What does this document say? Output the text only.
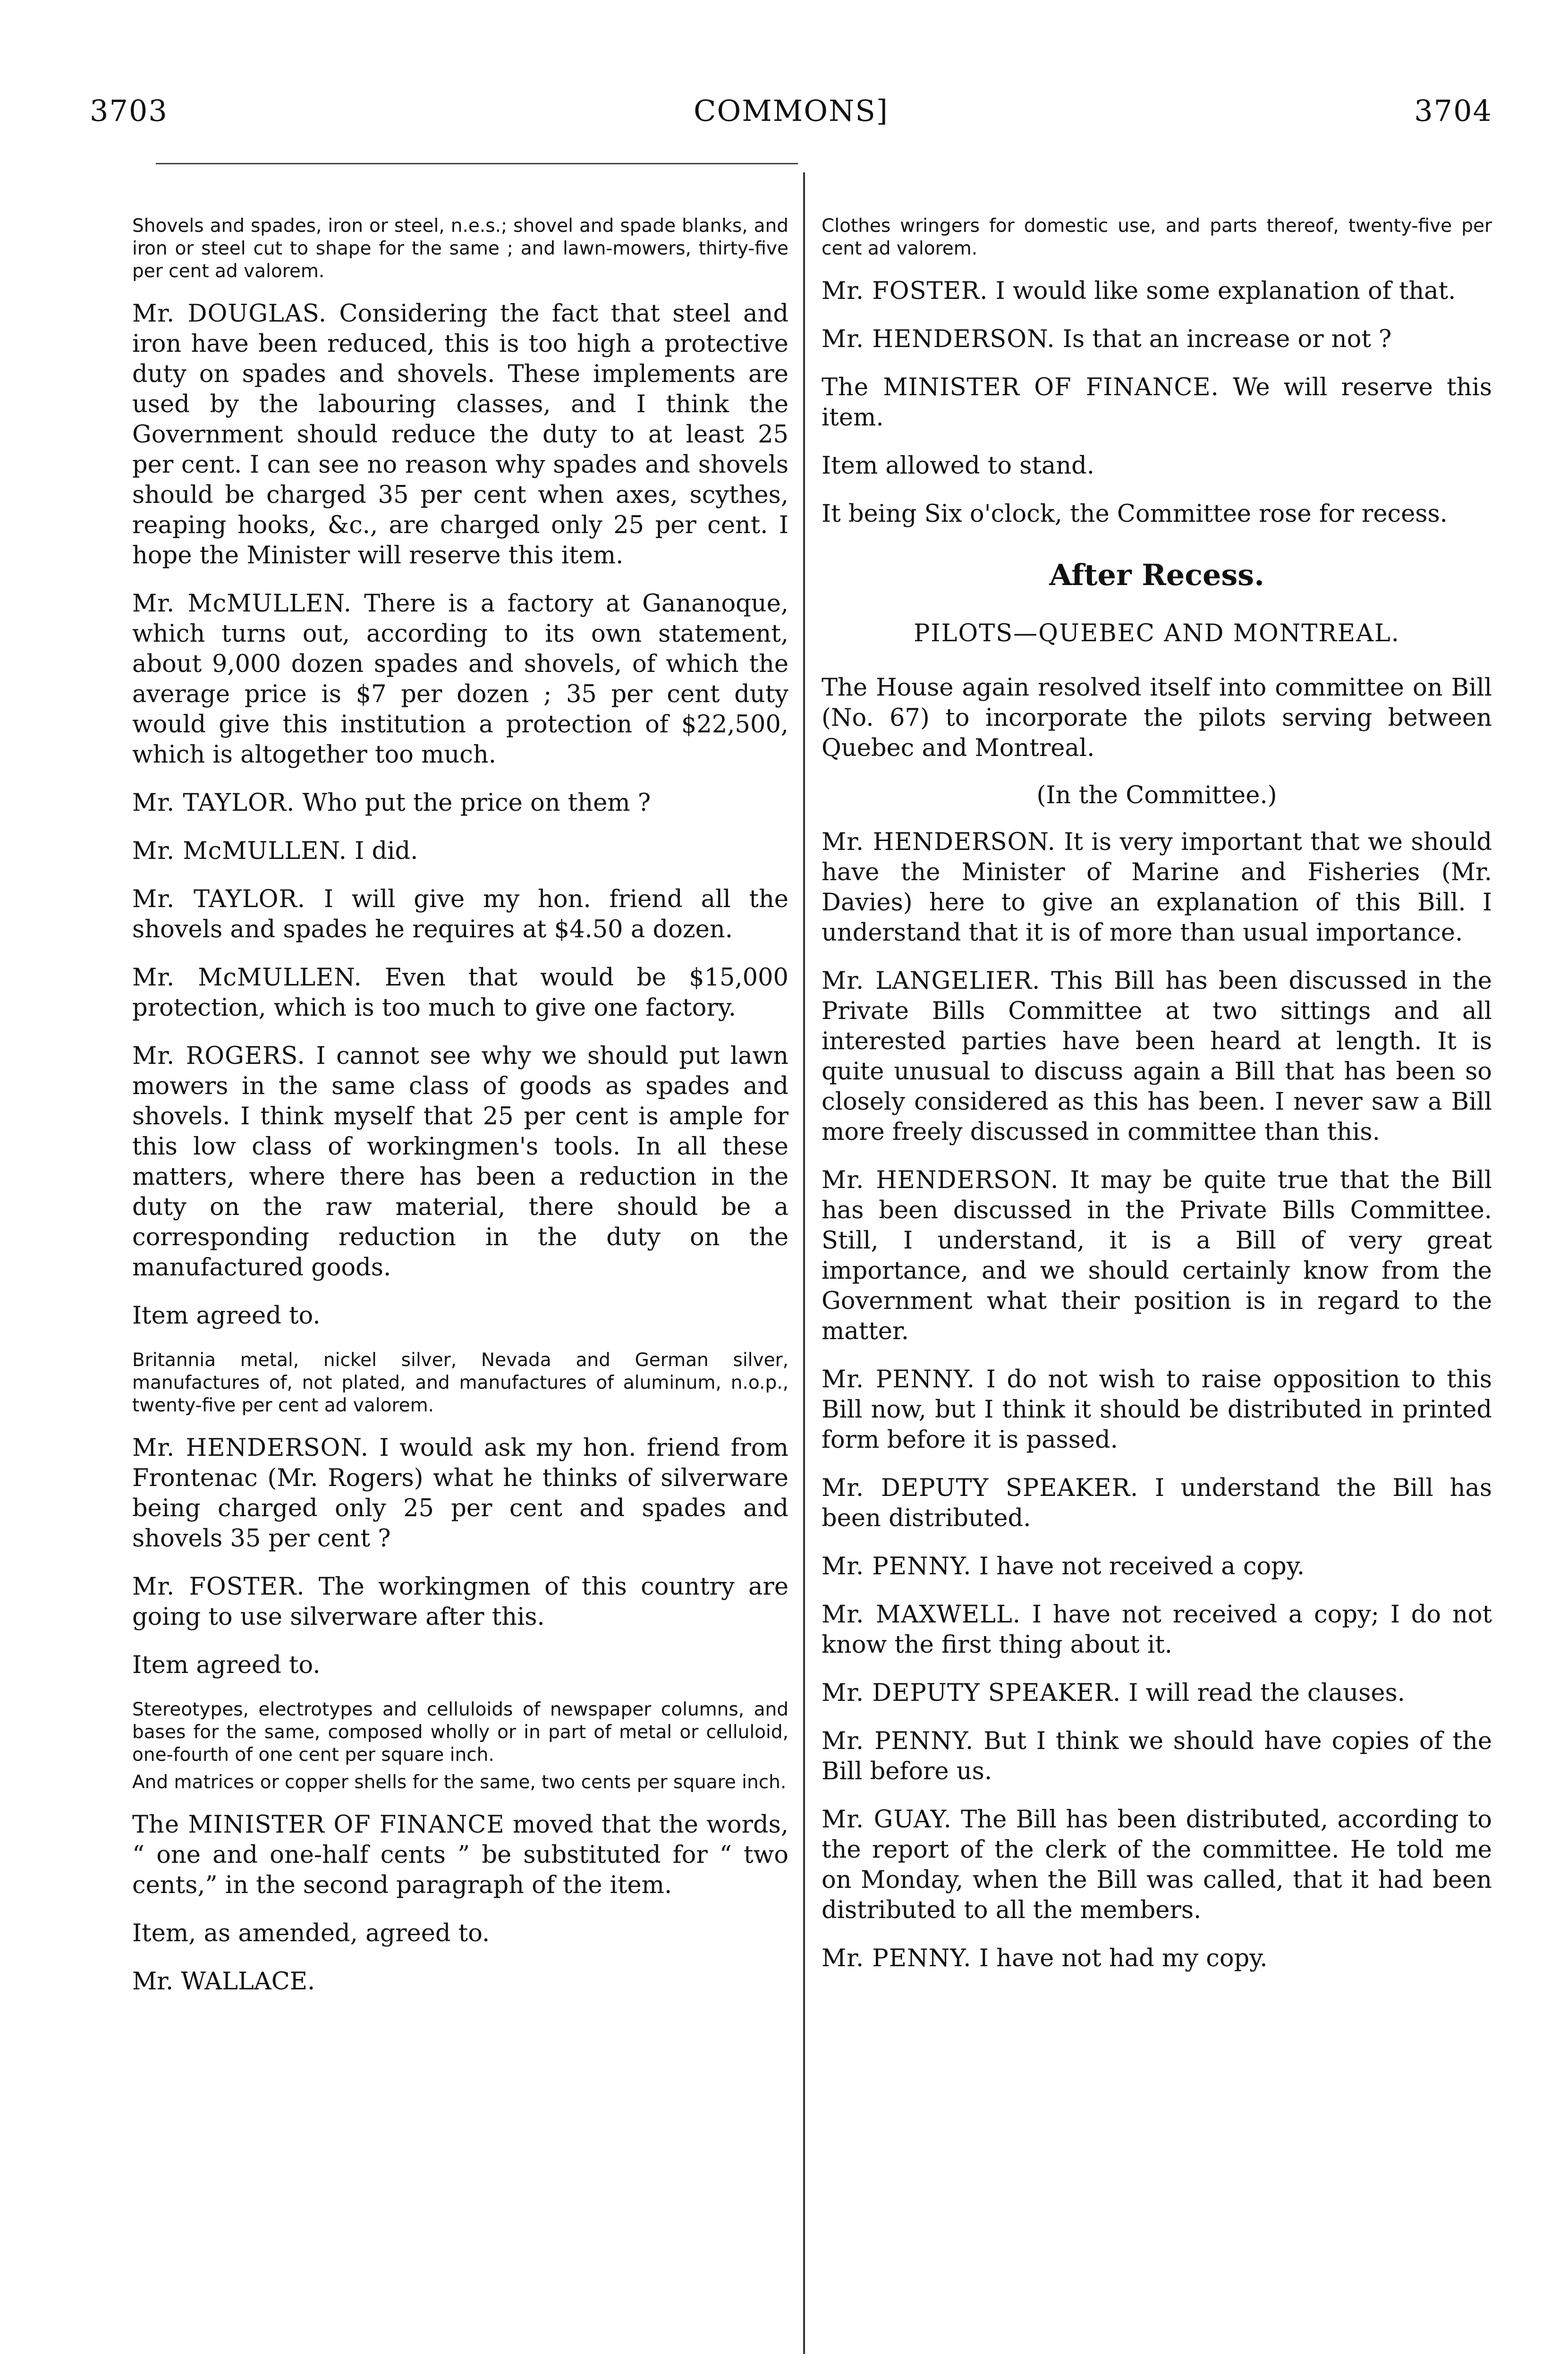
3703	COMMONS]	3704

Shovels and spades, iron or steel, n.e.s.; shovel and spade blanks, and iron or steel cut to shape for the same ; and lawn-mowers, thirty-five per cent ad valorem.

Mr. DOUGLAS. Considering the fact that steel and iron have been reduced, this is too high a protective duty on spades and shovels. These implements are used by the labouring classes, and I think the Government should reduce the duty to at least 25 per cent. I can see no reason why spades and shovels should be charged 35 per cent when axes, scythes, reaping hooks, &c., are charged only 25 per cent. I hope the Minister will reserve this item.

Mr. McMULLEN. There is a factory at Gananoque, which turns out, according to its own statement, about 9,000 dozen spades and shovels, of which the average price is $7 per dozen ; 35 per cent duty would give this institution a protection of $22,500, which is altogether too much.

Mr. TAYLOR. Who put the price on them ?

Mr. McMULLEN. I did.

Mr. TAYLOR. I will give my hon. friend all the shovels and spades he requires at $4.50 a dozen.

Mr. McMULLEN. Even that would be $15,000 protection, which is too much to give one factory.

Mr. ROGERS. I cannot see why we should put lawn mowers in the same class of goods as spades and shovels. I think myself that 25 per cent is ample for this low class of workingmen's tools. In all these matters, where there has been a reduction in the duty on the raw material, there should be a corresponding reduction in the duty on the manufactured goods.

Item agreed to.

Britannia metal, nickel silver, Nevada and German silver, manufactures of, not plated, and manufactures of aluminum, n.o.p., twenty-five per cent ad valorem.

Mr. HENDERSON. I would ask my hon. friend from Frontenac (Mr. Rogers) what he thinks of silverware being charged only 25 per cent and spades and shovels 35 per cent ?

Mr. FOSTER. The workingmen of this country are going to use silverware after this.

Item agreed to.

Stereotypes, electrotypes and celluloids of newspaper columns, and bases for the same, composed wholly or in part of metal or celluloid, one-fourth of one cent per square inch.

And matrices or copper shells for the same, two cents per square inch.

The MINISTER OF FINANCE moved that the words, “ one and one-half cents ” be substituted for “ two cents,” in the second paragraph of the item.

Item, as amended, agreed to.

Mr. WALLACE.

Clothes wringers for domestic use, and parts thereof, twenty-five per cent ad valorem.

Mr. FOSTER. I would like some explanation of that.

Mr. HENDERSON. Is that an increase or not ?

The MINISTER OF FINANCE. We will reserve this item.

Item allowed to stand.

It being Six o'clock, the Committee rose for recess.

After Recess.
PILOTS—QUEBEC AND MONTREAL.

The House again resolved itself into committee on Bill (No. 67) to incorporate the pilots serving between Quebec and Montreal.

(In the Committee.)

Mr. HENDERSON. It is very important that we should have the Minister of Marine and Fisheries (Mr. Davies) here to give an explanation of this Bill. I understand that it is of more than usual importance.

Mr. LANGELIER. This Bill has been discussed in the Private Bills Committee at two sittings and all interested parties have been heard at length. It is quite unusual to discuss again a Bill that has been so closely considered as this has been. I never saw a Bill more freely discussed in committee than this.

Mr. HENDERSON. It may be quite true that the Bill has been discussed in the Private Bills Committee. Still, I understand, it is a Bill of very great importance, and we should certainly know from the Government what their position is in regard to the matter.

Mr. PENNY. I do not wish to raise opposition to this Bill now, but I think it should be distributed in printed form before it is passed.

Mr. DEPUTY SPEAKER. I understand the Bill has been distributed.

Mr. PENNY. I have not received a copy.

Mr. MAXWELL. I have not received a copy; I do not know the first thing about it.

Mr. DEPUTY SPEAKER. I will read the clauses.

Mr. PENNY. But I think we should have copies of the Bill before us.

Mr. GUAY. The Bill has been distributed, according to the report of the clerk of the committee. He told me on Monday, when the Bill was called, that it had been distributed to all the members.

Mr. PENNY. I have not had my copy.
